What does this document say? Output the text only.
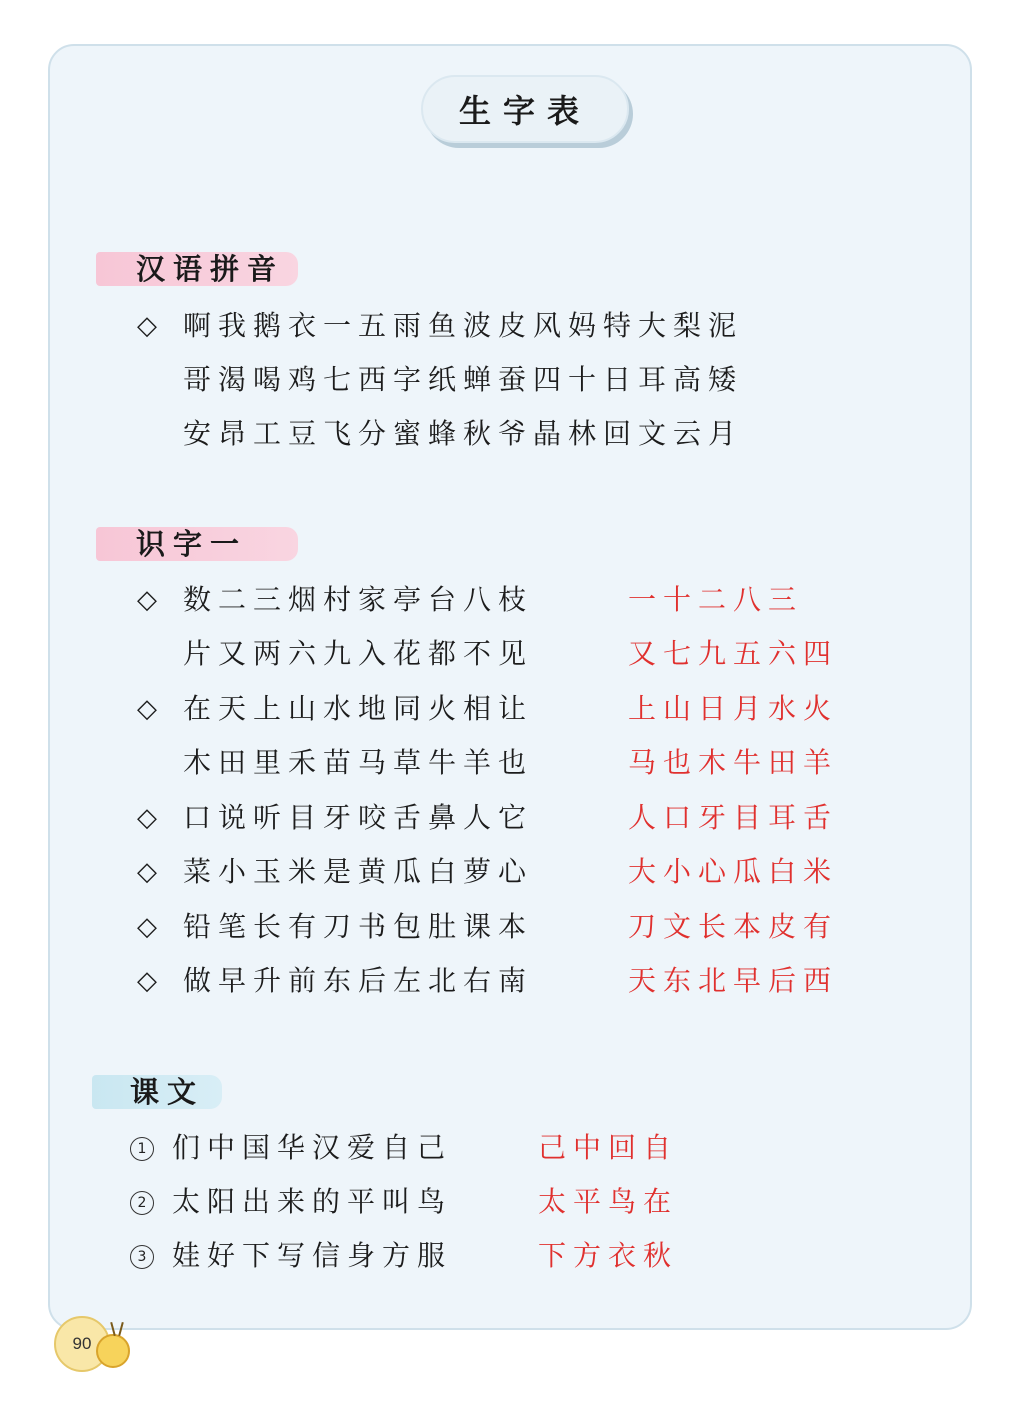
生字表
汉语拼音
◇ 啊我鹅衣一五雨鱼波皮风妈特大梨泥
哥渴喝鸡七西字纸蝉蚕四十日耳高矮
安昂工豆飞分蜜蜂秋爷晶林回文云月
识字一
◇ 数二三烟村家亭台八枝	一十二八三
片又两六九入花都不见	又七九五六四
◇ 在天上山水地同火相让	上山日月水火
木田里禾苗马草牛羊也	马也木牛田羊
◇ 口说听目牙咬舌鼻人它	人口牙目耳舌
◇ 菜小玉米是黄瓜白萝心	大小心瓜白米
◇ 铅笔长有刀书包肚课本	刀文长本皮有
◇ 做早升前东后左北右南	天东北早后西
课文
1 们中国华汉爱自己	己中回自
2 太阳出来的平叫鸟	太平鸟在
3 娃好下写信身方服	下方衣秋
90
